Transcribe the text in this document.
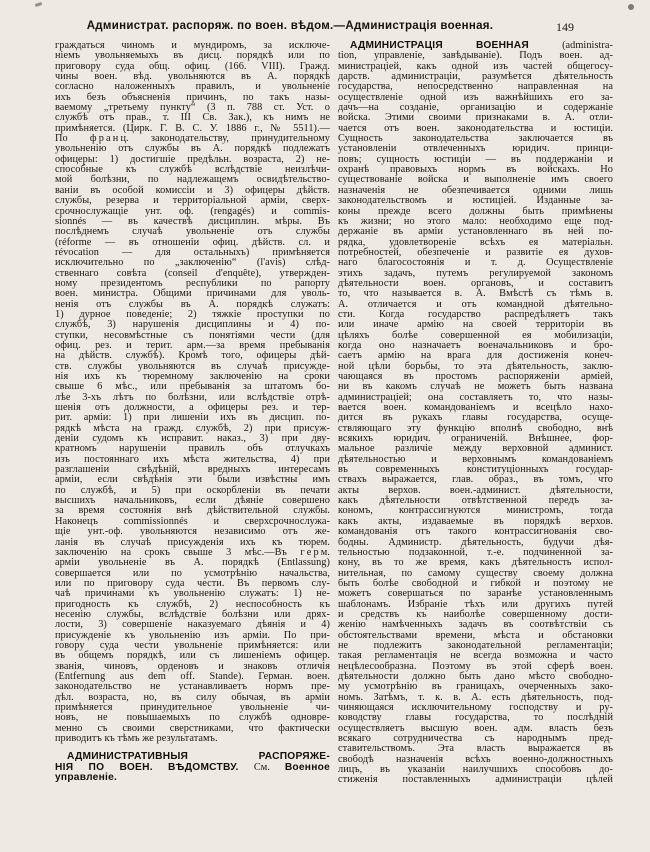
Администрат. распоряж. по воен. вѣдом.—Администрація военная.	149
граждаться чиномъ и мундиромъ, за исключе-
ніемъ увольняемыхъ въ дисц. порядкѣ или по
приговору суда общ. офиц. (166. VIII). Гражд.
чины воен. вѣд. увольняются въ А. порядкѣ
согласно наложенныхъ правилъ, и увольненіе
ихъ безъ объясненія причинъ, по такъ назы-
ваемому „третьему пункту“ (3 п. 788 ст. Уст. о
службѣ отъ прав., т. III Св. Зак.), къ нимъ не
примѣняется. (Цирк. Г. В. С. У. 1886 г., № 5511).—
По ф р а н ц. законодательству, принудительному
увольненію отъ службы въ А. порядкѣ подлежатъ
офицеры: 1) достигшіе предѣльн. возраста, 2) не-
способные къ службѣ вслѣдствіе неизлѣчи-
мой болѣзни, по надлежащемъ освидѣтельство-
ваніи въ особой комиссіи и 3) офицеры дѣйств.
службы, резерва и территоріальной арміи, сверх-
срочнослужащіе унт. оф. (rengagés) и commis-
sionnés — въ качествѣ дисциплин. мѣры. Въ
послѣднемъ случаѣ увольненіе отъ службы
(réforme — въ отношеніи офиц. дѣйств. сл. и
révocation — для остальныхъ) примѣняется
исключительно по „заключенію“ (l'avis) слѣд-
ственнаго совѣта (conseil d'enquête), утвержден-
ному президентомъ республики по рапорту
воен. министра. Общими причинами для уволь-
ненія отъ службы въ А. порядкѣ служатъ:
1) дурное поведеніе; 2) тяжкіе проступки по
службѣ, 3) нарушенія дисциплины и 4) по-
ступки, несовмѣстные съ понятіями чести (для
офиц. рез. и терит. арм.—за время пребыванія
на дѣйств. службѣ). Кромѣ того, офицеры дѣй-
ств. службы увольняются въ случаѣ присужде-
нія ихъ къ тюремному заключенію на сроки
свыше 6 мѣс., или пребыванія за штатомъ бо-
лѣе 3-хъ лѣтъ по болѣзни, или вслѣдствіе отрѣ-
шенія отъ должности, а офицеры рез. и тер-
рит. арміи: 1) при лишеніи ихъ въ дисцип. по-
рядкѣ мѣста на гражд. службѣ, 2) при присуж-
деніи судомъ къ исправит. наказ., 3) при дву-
кратномъ нарушеніи правилъ объ отлучкахъ
изъ постояннаго ихъ мѣста жительства, 4) при
разглашеніи свѣдѣній, вредныхъ интересамъ
арміи, если свѣдѣнія эти были извѣстны имъ
по службѣ, и 5) при оскорбленіи въ печати
высшихъ начальниковъ, если дѣяніе совершено
за время состоянія внѣ дѣйствительной службы.
Наконецъ commissionnés и сверхсрочнослужа-
щіе унт.-оф. увольняются независимо отъ же-
ланія въ случаѣ присужденія ихъ къ тюрем.
заключенію на срокъ свыше 3 мѣс.—Въ г е р м.
арміи увольненіе въ А. порядкѣ (Entlassung)
совершается или по усмотрѣнію начальства,
или по приговору суда чести. Въ первомъ слу-
чаѣ причинами къ увольненію служатъ: 1) не-
пригодность къ службѣ, 2) неспособность къ
несенію службы, вслѣдствіе болѣзни или дрях-
лости, 3) совершеніе наказуемаго дѣянія и 4)
присужденіе къ увольненію изъ арміи. По при-
говору суда чести увольненіе примѣняется: или
въ общемъ порядкѣ, или съ лишеніемъ офицер.
званія, чиновъ, орденовъ и знаковъ отличія
(Entfernung aus dem off. Stande). Герман. воен.
законодательство не устанавливаетъ нормъ пре-
дѣл. возраста, но, въ силу обычая, въ арміи
примѣняется принудительное увольненіе чи-
новъ, не повышаемыхъ по службѣ одновре-
менно съ своими сверстниками, что фактически
приводитъ къ тѣмъ же результатамъ.
АДМИНИСТРАТИВНЫЯ РАСПОРЯЖЕ-
НІЯ ПО ВОЕН. ВѢДОМСТВУ. См. Военное
управленіе.
АДМИНИСТРАЦІЯ ВОЕННАЯ (administra-
tion, управленіе, завѣдываніе). Подъ воен. ад-
министраціей, какъ одной изъ частей общегосу-
дарств. администраціи, разумѣется дѣятельность
государства, непосредственно направленная на
осуществленіе одной изъ важнѣйшихъ его за-
дачъ—на созданіе, организацію и содержаніе
войска. Этими своими признаками в. А. отли-
чается отъ воен. законодательства и юстиціи.
Сущность законодательства заключается въ
установленіи отвлеченныхъ юридич. принци-
повъ; сущность юстиціи — въ поддержаніи и
охранѣ правовыхъ нормъ въ войскахъ. Но
существованіе войска и выполненіе имъ своего
назначенія не обезпечивается одними лишь
законодательствомъ и юстиціей. Изданные за-
коны прежде всего должны быть примѣнены
къ жизни; но этого мало: необходимо еще под-
держаніе въ арміи установленнаго въ ней по-
рядка, удовлетвореніе всѣхъ ея матеріальн.
потребностей, обезпеченіе и развитіе ея духов-
наго благосостоянія и т. д. Осуществленіе
этихъ задачъ, путемъ регулируемой закономъ
дѣятельности воен. органовъ, и составитъ
то, что называется в. А. Вмѣстѣ съ тѣмъ в.
А. отличается и отъ командной дѣятельно-
сти. Когда государство распредѣляетъ такъ
или иначе армію на своей территоріи въ
цѣляхъ болѣе совершенной ея мобилизаціи,
когда оно назначаетъ военачальниковъ и бро-
саетъ армію на врага для достиженія конеч-
ной цѣли борьбы, то эта дѣятельность, заклю-
чающаяся въ простомъ распоряженіи арміей,
ни въ какомъ случаѣ не можетъ быть названа
администраціей; она составляетъ то, что назы-
вается воен. командованіемъ и всецѣло нахо-
дится въ рукахъ главы государства, осуще-
ствляющаго эту функцію вполнѣ свободно, внѣ
всякихъ юридич. ограниченій. Внѣшнее, фор-
мальное различіе между верховной админист.
дѣятельностью и верховнымъ командованіемъ
въ современныхъ конституціонныхъ государ-
ствахъ выражается, глав. образ., въ томъ, что
акты верхов. воен.-админист. дѣятельности,
какъ дѣятельности отвѣтственной передъ за-
кономъ, контрассигнуются министромъ, тогда
какъ акты, издаваемые въ порядкѣ верхов.
командованія отъ такого контрассигнованія сво-
бодны. Администр. дѣятельность, будучи дѣя-
тельностью подзаконной, т.-е. подчиненной за-
кону, въ то же время, какъ дѣятельность испол-
нительная, по самому существу своему должна
быть болѣе свободной и гибкой и поэтому не
можетъ совершаться по заранѣе установленнымъ
шаблонамъ. Избраніе тѣхъ или другихъ путей
и средствъ къ наиболѣе совершенному дости-
женію намѣченныхъ задачъ въ соотвѣтствіи съ
обстоятельствами времени, мѣста и обстановки
не подлежитъ законодательной регламентаціи;
такая регламентація не всегда возможна и часто
нецѣлесообразна. Поэтому въ этой сферѣ воен.
дѣятельности должно быть дано мѣсто свободно-
му усмотрѣнію въ границахъ, очерченныхъ зако-
номъ. Затѣмъ, т. к. в. А. есть дѣятельность, под-
чиняющаяся исключительному господству и ру-
ководству главы государства, то послѣдній
осуществляетъ высшую воен. адм. власть безъ
всякаго сотрудничества съ народнымъ пред-
ставительствомъ. Эта власть выражается въ
свободѣ назначенія всѣхъ военно-должностныхъ
лицъ, въ указаніи наилучшихъ способовъ до-
стиженія поставленныхъ администраціи цѣлей
